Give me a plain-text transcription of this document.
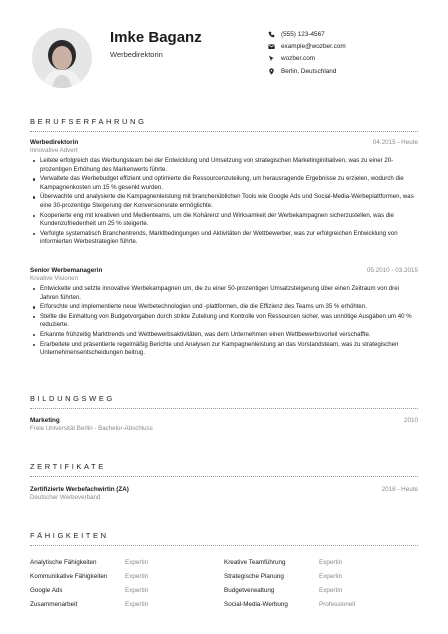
Imke Baganz
Werbedirektorin
(555) 123-4567
example@wozber.com
wozber.com
Berlin, Deutschland
BERUFSERFAHRUNG
Werbedirektorin	04.2015 - Heute
Innovative Advert
Leitete erfolgreich das Werbungsteam bei der Entwicklung und Umsetzung von strategischen Marketinginitiativen, was zu einer 20-prozentigen Erhöhung des Markenwerts führte.
Verwaltete das Werbebudget effizient und optimierte die Ressourcenzuteilung, um herausragende Ergebnisse zu erzielen, wodurch die Kampagnenkosten um 15 % gesenkt wurden.
Überwachte und analysierte die Kampagnenleistung mit branchenüblichen Tools wie Google Ads und Social-Media-Werbeplattformen, was eine 30-prozentige Steigerung der Konversionsrate ermöglichte.
Kooperierte eng mit kreativen und Medienteams, um die Kohärenz und Wirksamkeit der Werbekampagnen sicherzustellen, was die Kundenzufriedenheit um 25 % steigerte.
Verfolgte systematisch Branchentrends, Marktbedingungen und Aktivitäten der Wettbewerber, was zur erfolgreichen Entwicklung von informierten Werbestrategien führte.
Senior Werbemanagerin	05.2010 - 03.2015
Kreative Visionen
Entwickelte und setzte innovative Werbekampagnen um, die zu einer 50-prozentigen Umsatzsteigerung über einen Zeitraum von drei Jahren führten.
Erforschte und implementierte neue Werbetechnologien und -plattformen, die die Effizienz des Teams um 35 % erhöhten.
Stellte die Einhaltung von Budgetvorgaben durch strikte Zuteilung und Kontrolle von Ressourcen sicher, was unnötige Ausgaben um 40 % reduzierte.
Erkannte frühzeitig Markttrends und Wettbewerbsaktivitäten, was dem Unternehmen einen Wettbewerbsvorteil verschaffte.
Erarbeitete und präsentierte regelmäßig Berichte und Analysen zur Kampagnenleistung an das Vorstandsteam, was zu strategischen Unternehmensentscheidungen beitrug.
BILDUNGSWEG
Marketing	2010
Freie Universität Berlin - Bachelor-Abschluss
ZERTIFIKATE
Zertifizierte Werbefachwirtin (ZA)	2018 - Heute
Deutscher Werbeverband
FÄHIGKEITEN
Analytische Fähigkeiten	Expertin	Kreative Teamführung	Expertin
Kommunikative Fähigkeiten	Expertin	Strategische Planung	Expertin
Google Ads	Expertin	Budgetverwaltung	Expertin
Zusammenarbeit	Expertin	Social-Media-Werbung	Professionell
